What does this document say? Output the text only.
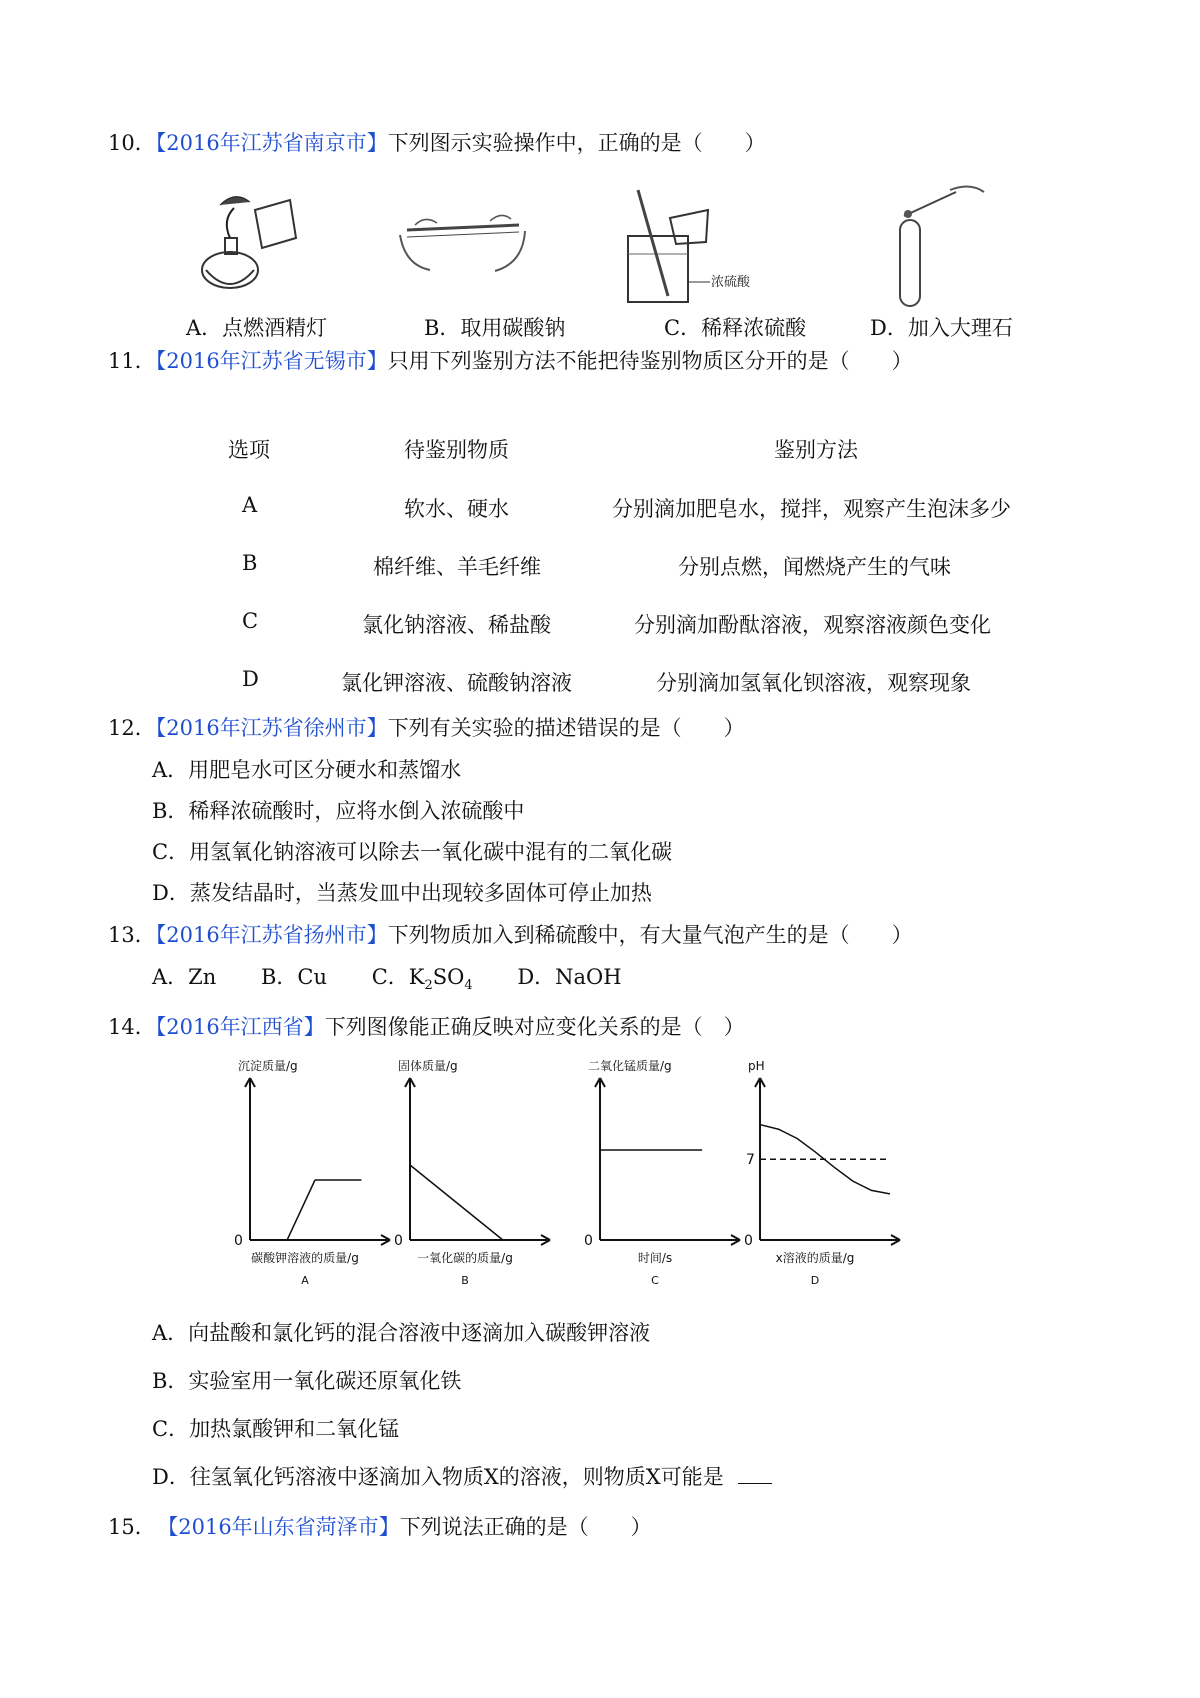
10．【2016年江苏省南京市】下列图示实验操作中，正确的是（　　）
浓硫酸
A．点燃酒精灯	B．取用碳酸钠	C．稀释浓硫酸	D．加入大理石
11．【2016年江苏省无锡市】只用下列鉴别方法不能把待鉴别物质区分开的是（　　）
选项	待鉴别物质	鉴别方法
A	软水、硬水	分别滴加肥皂水，搅拌，观察产生泡沫多少
B	棉纤维、羊毛纤维	分别点燃，闻燃烧产生的气味
C	氯化钠溶液、稀盐酸	分别滴加酚酞溶液，观察溶液颜色变化
D	氯化钾溶液、硫酸钠溶液	分别滴加氢氧化钡溶液，观察现象
12．【2016年江苏省徐州市】下列有关实验的描述错误的是（　　）
A．用肥皂水可区分硬水和蒸馏水
B．稀释浓硫酸时，应将水倒入浓硫酸中
C．用氢氧化钠溶液可以除去一氧化碳中混有的二氧化碳
D．蒸发结晶时，当蒸发皿中出现较多固体可停止加热
13．【2016年江苏省扬州市】下列物质加入到稀硫酸中，有大量气泡产生的是（　　）
A．Zn B．Cu C．$K_2SO_4$ D．NaOH
14．【2016年江西省】下列图像能正确反映对应变化关系的是（　）
沉淀质量/g
碳酸钾溶液的质量/g
0
A
固体质量/g
一氧化碳的质量/g
0
B
二氧化锰质量/g
时间/s
0
C
pH
x溶液的质量/g
0
D
7
A．向盐酸和氯化钙的混合溶液中逐滴加入碳酸钾溶液
B．实验室用一氧化碳还原氧化铁
C．加热氯酸钾和二氧化锰
D．往氢氧化钙溶液中逐滴加入物质X的溶液，则物质X可能是
15． 【2016年山东省菏泽市】下列说法正确的是（　　）
